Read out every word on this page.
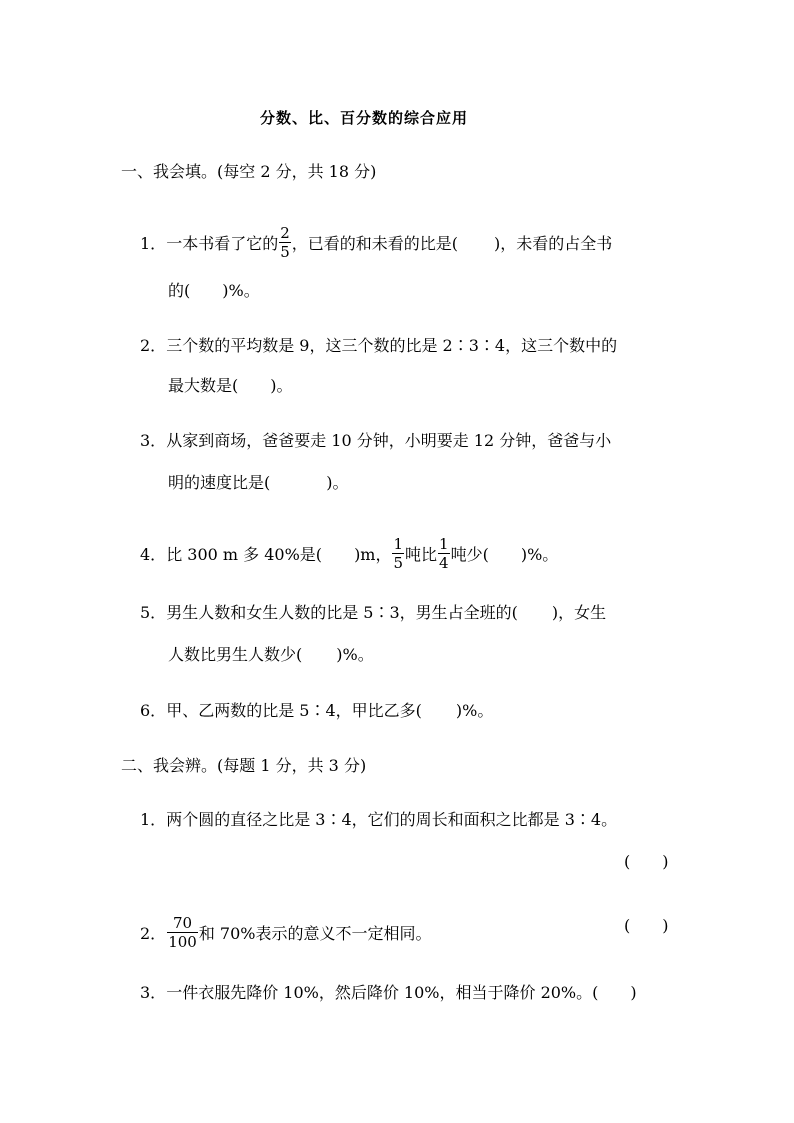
分数、比、百分数的综合应用
一、我会填。(每空 2 分，共 18 分)
1．一本书看了它的 $\frac{2}{5}$ ，已看的和未看的比是( )，未看的占全书
的( )%。
2．三个数的平均数是 9，这三个数的比是 2∶3∶4，这三个数中的
最大数是( )。
3．从家到商场，爸爸要走 10 分钟，小明要走 12 分钟，爸爸与小
明的速度比是(	)。
4．比 300 m 多 40%是( )m， $\frac{1}{5}$ 吨比 $\frac{1}{4}$ 吨少( )%。
5．男生人数和女生人数的比是 5∶3，男生占全班的( )，女生
人数比男生人数少( )%。
6．甲、乙两数的比是 5∶4，甲比乙多( )%。
二、我会辨。(每题 1 分，共 3 分)
1．两个圆的直径之比是 3∶4，它们的周长和面积之比都是 3∶4。
(　　)
2． $\frac{70}{100}$ 和 70%表示的意义不一定相同。	(　　)
3．一件衣服先降价 10%，然后降价 10%，相当于降价 20%。(　　)
